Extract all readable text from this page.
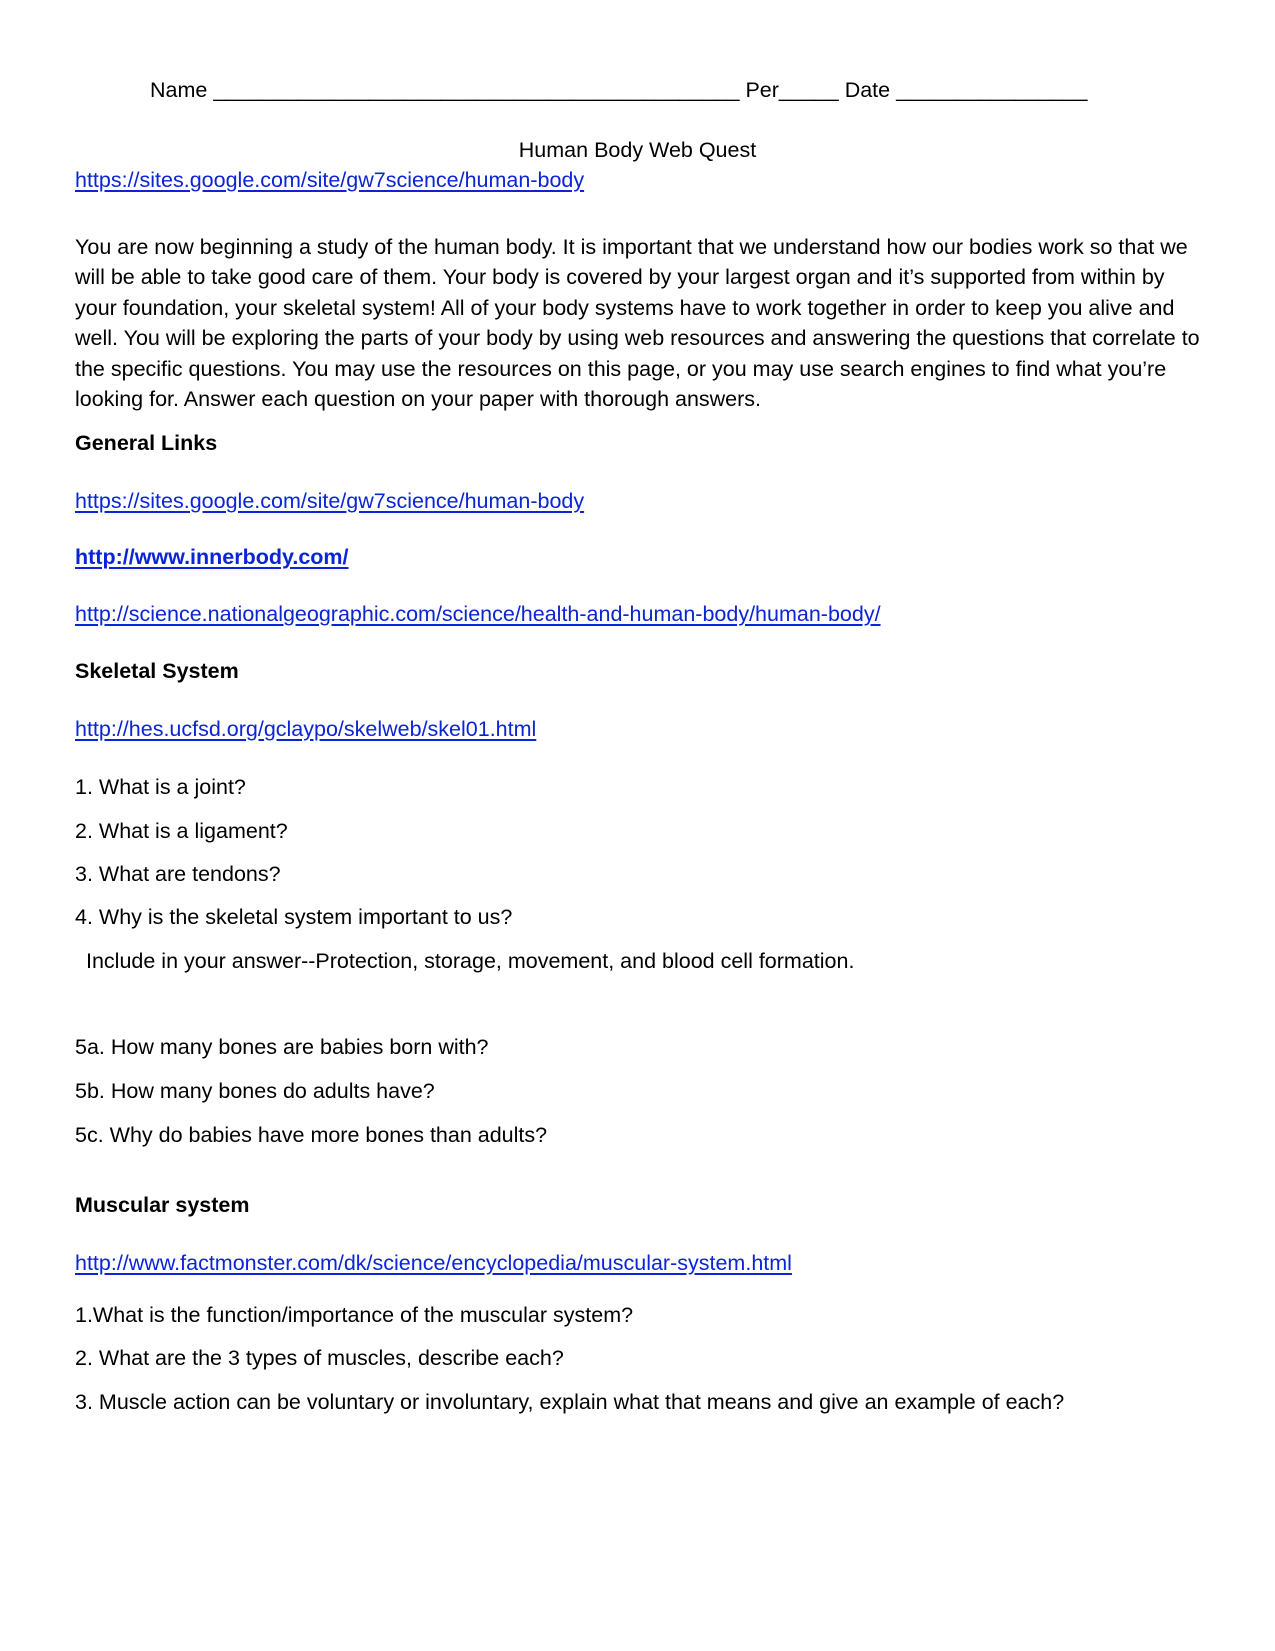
Name ____________________________________________ Per_____ Date ________________
Human Body Web Quest
https://sites.google.com/site/gw7science/human-body
You are now beginning a study of the human body. It is important that we understand how our bodies work so that we will be able to take good care of them. Your body is covered by your largest organ and it’s supported from within by your foundation, your skeletal system! All of your body systems have to work together in order to keep you alive and well. You will be exploring the parts of your body by using web resources and answering the questions that correlate to the specific questions. You may use the resources on this page, or you may use search engines to find what you’re looking for. Answer each question on your paper with thorough answers.
General Links
https://sites.google.com/site/gw7science/human-body
http://www.innerbody.com/
http://science.nationalgeographic.com/science/health-and-human-body/human-body/
Skeletal System
http://hes.ucfsd.org/gclaypo/skelweb/skel01.html
1. What is a joint?
2. What is a ligament?
3. What are tendons?
4. Why is the skeletal system important to us?
Include in your answer--Protection, storage, movement, and blood cell formation.
5a. How many bones are babies born with?
5b. How many bones do adults have?
5c. Why do babies have more bones than adults?
Muscular system
http://www.factmonster.com/dk/science/encyclopedia/muscular-system.html
1.What is the function/importance of the muscular system?
2. What are the 3 types of muscles, describe each?
3. Muscle action can be voluntary or involuntary, explain what that means and give an example of each?
